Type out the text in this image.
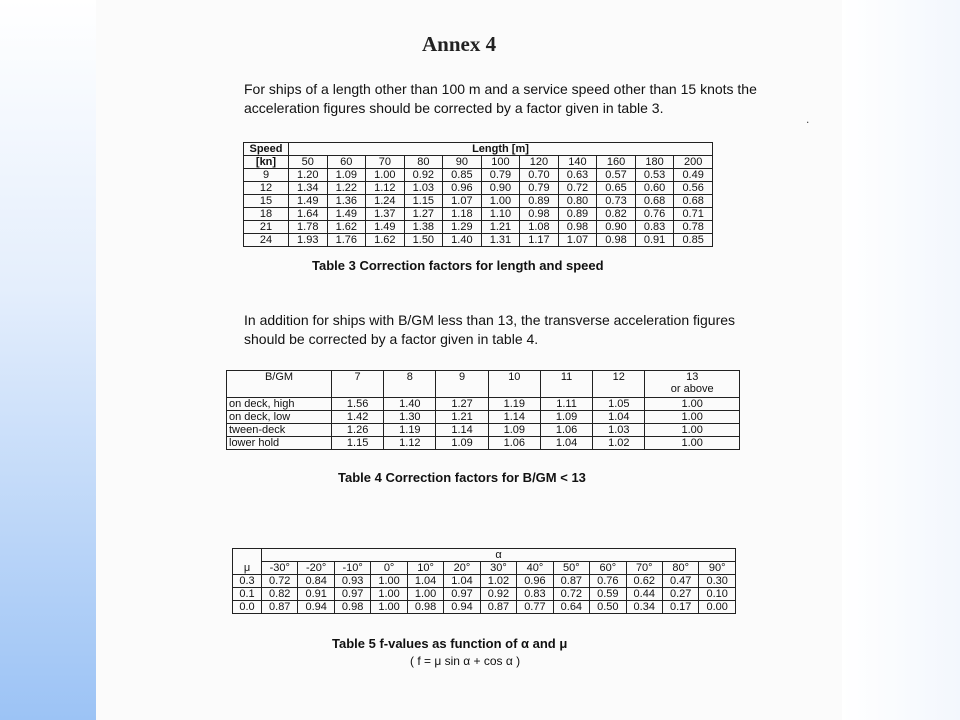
Annex 4

For ships of a length other than 100 m and a service speed other than 15 knots the acceleration figures should be corrected by a factor given in table 3.

.
Speed	Length [m]										
[kn]	50	60	70	80	90	100	120	140	160	180	200
9	1.20	1.09	1.00	0.92	0.85	0.79	0.70	0.63	0.57	0.53	0.49
12	1.34	1.22	1.12	1.03	0.96	0.90	0.79	0.72	0.65	0.60	0.56
15	1.49	1.36	1.24	1.15	1.07	1.00	0.89	0.80	0.73	0.68	0.68
18	1.64	1.49	1.37	1.27	1.18	1.10	0.98	0.89	0.82	0.76	0.71
21	1.78	1.62	1.49	1.38	1.29	1.21	1.08	0.98	0.90	0.83	0.78
24	1.93	1.76	1.62	1.50	1.40	1.31	1.17	1.07	0.98	0.91	0.85

Table 3 Correction factors for length and speed

In addition for ships with B/GM less than 13, the transverse acceleration figures should be corrected by a factor given in table 4.

B/GM	7	8	9	10	11	12	13
or above

on deck, high	1.56	1.40	1.27	1.19	1.11	1.05	1.00
on deck, low	1.42	1.30	1.21	1.14	1.09	1.04	1.00
tween-deck	1.26	1.19	1.14	1.09	1.06	1.03	1.00
lower hold	1.15	1.12	1.09	1.06	1.04	1.02	1.00

Table 4 Correction factors for B/GM < 13

μ	α												
	-30°	-20°	-10°	0°	10°	20°	30°	40°	50°	60°	70°	80°	90°
0.3	0.72	0.84	0.93	1.00	1.04	1.04	1.02	0.96	0.87	0.76	0.62	0.47	0.30
0.1	0.82	0.91	0.97	1.00	1.00	0.97	0.92	0.83	0.72	0.59	0.44	0.27	0.10
0.0	0.87	0.94	0.98	1.00	0.98	0.94	0.87	0.77	0.64	0.50	0.34	0.17	0.00

Table 5 f-values as function of α and μ

( f = μ sin α + cos α )
